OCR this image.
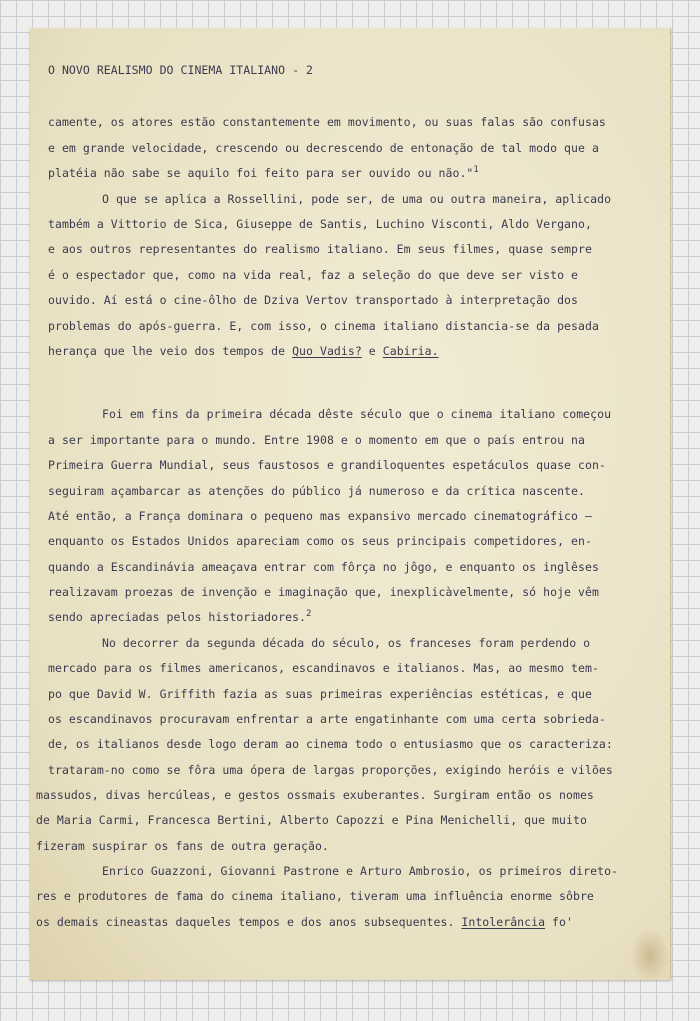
O NOVO REALISMO DO CINEMA ITALIANO - 2

camente, os atores estão constantemente em movimento, ou suas falas são confusas

e em grande velocidade, crescendo ou decrescendo de entonação de tal modo que a

platéia não sabe se aquilo foi feito para ser ouvido ou não."$^1$

O que se aplica a Rossellini, pode ser, de uma ou outra maneira, aplicado

também a Vittorio de Sica, Giuseppe de Santis, Luchino Visconti, Aldo Vergano,

e aos outros representantes do realismo italiano. Em seus filmes, quase sempre

é o espectador que, como na vida real, faz a seleção do que deve ser visto e

ouvido. Aí está o cine-ôlho de Dziva Vertov transportado à interpretação dos

problemas do após-guerra. E, com isso, o cinema italiano distancia-se da pesada

herança que lhe veio dos tempos de Quo Vadis? e Cabiria.

Foi em fins da primeira década dêste século que o cinema italiano começou

a ser importante para o mundo. Entre 1908 e o momento em que o país entrou na

Primeira Guerra Mundial, seus faustosos e grandiloquentes espetáculos quase con-

seguiram açambarcar as atenções do público já numeroso e da crítica nascente.

Até então, a França dominara o pequeno mas expansivo mercado cinematográfico —

enquanto os Estados Unidos apareciam como os seus principais competidores, en-

quando a Escandinávia ameaçava entrar com fôrça no jôgo, e enquanto os inglêses

realizavam proezas de invenção e imaginação que, inexplicàvelmente, só hoje vêm

sendo apreciadas pelos historiadores.$^2$

No decorrer da segunda década do século, os franceses foram perdendo o

mercado para os filmes americanos, escandinavos e italianos. Mas, ao mesmo tem-

po que David W. Griffith fazia as suas primeiras experiências estéticas, e que

os escandinavos procuravam enfrentar a arte engatinhante com uma certa sobrieda-

de, os italianos desde logo deram ao cinema todo o entusiasmo que os caracteriza:

trataram-no como se fôra uma ópera de largas proporções, exigindo heróis e vilões

massudos, divas hercúleas, e gestos ossmais exuberantes. Surgiram então os nomes

de Maria Carmi, Francesca Bertini, Alberto Capozzi e Pina Menichelli, que muito

fizeram suspirar os fans de outra geração.

Enrico Guazzoni, Giovanni Pastrone e Arturo Ambrosio, os primeiros direto-

res e produtores de fama do cinema italiano, tiveram uma influência enorme sôbre

os demais cineastas daqueles tempos e dos anos subsequentes. Intolerância fo'
